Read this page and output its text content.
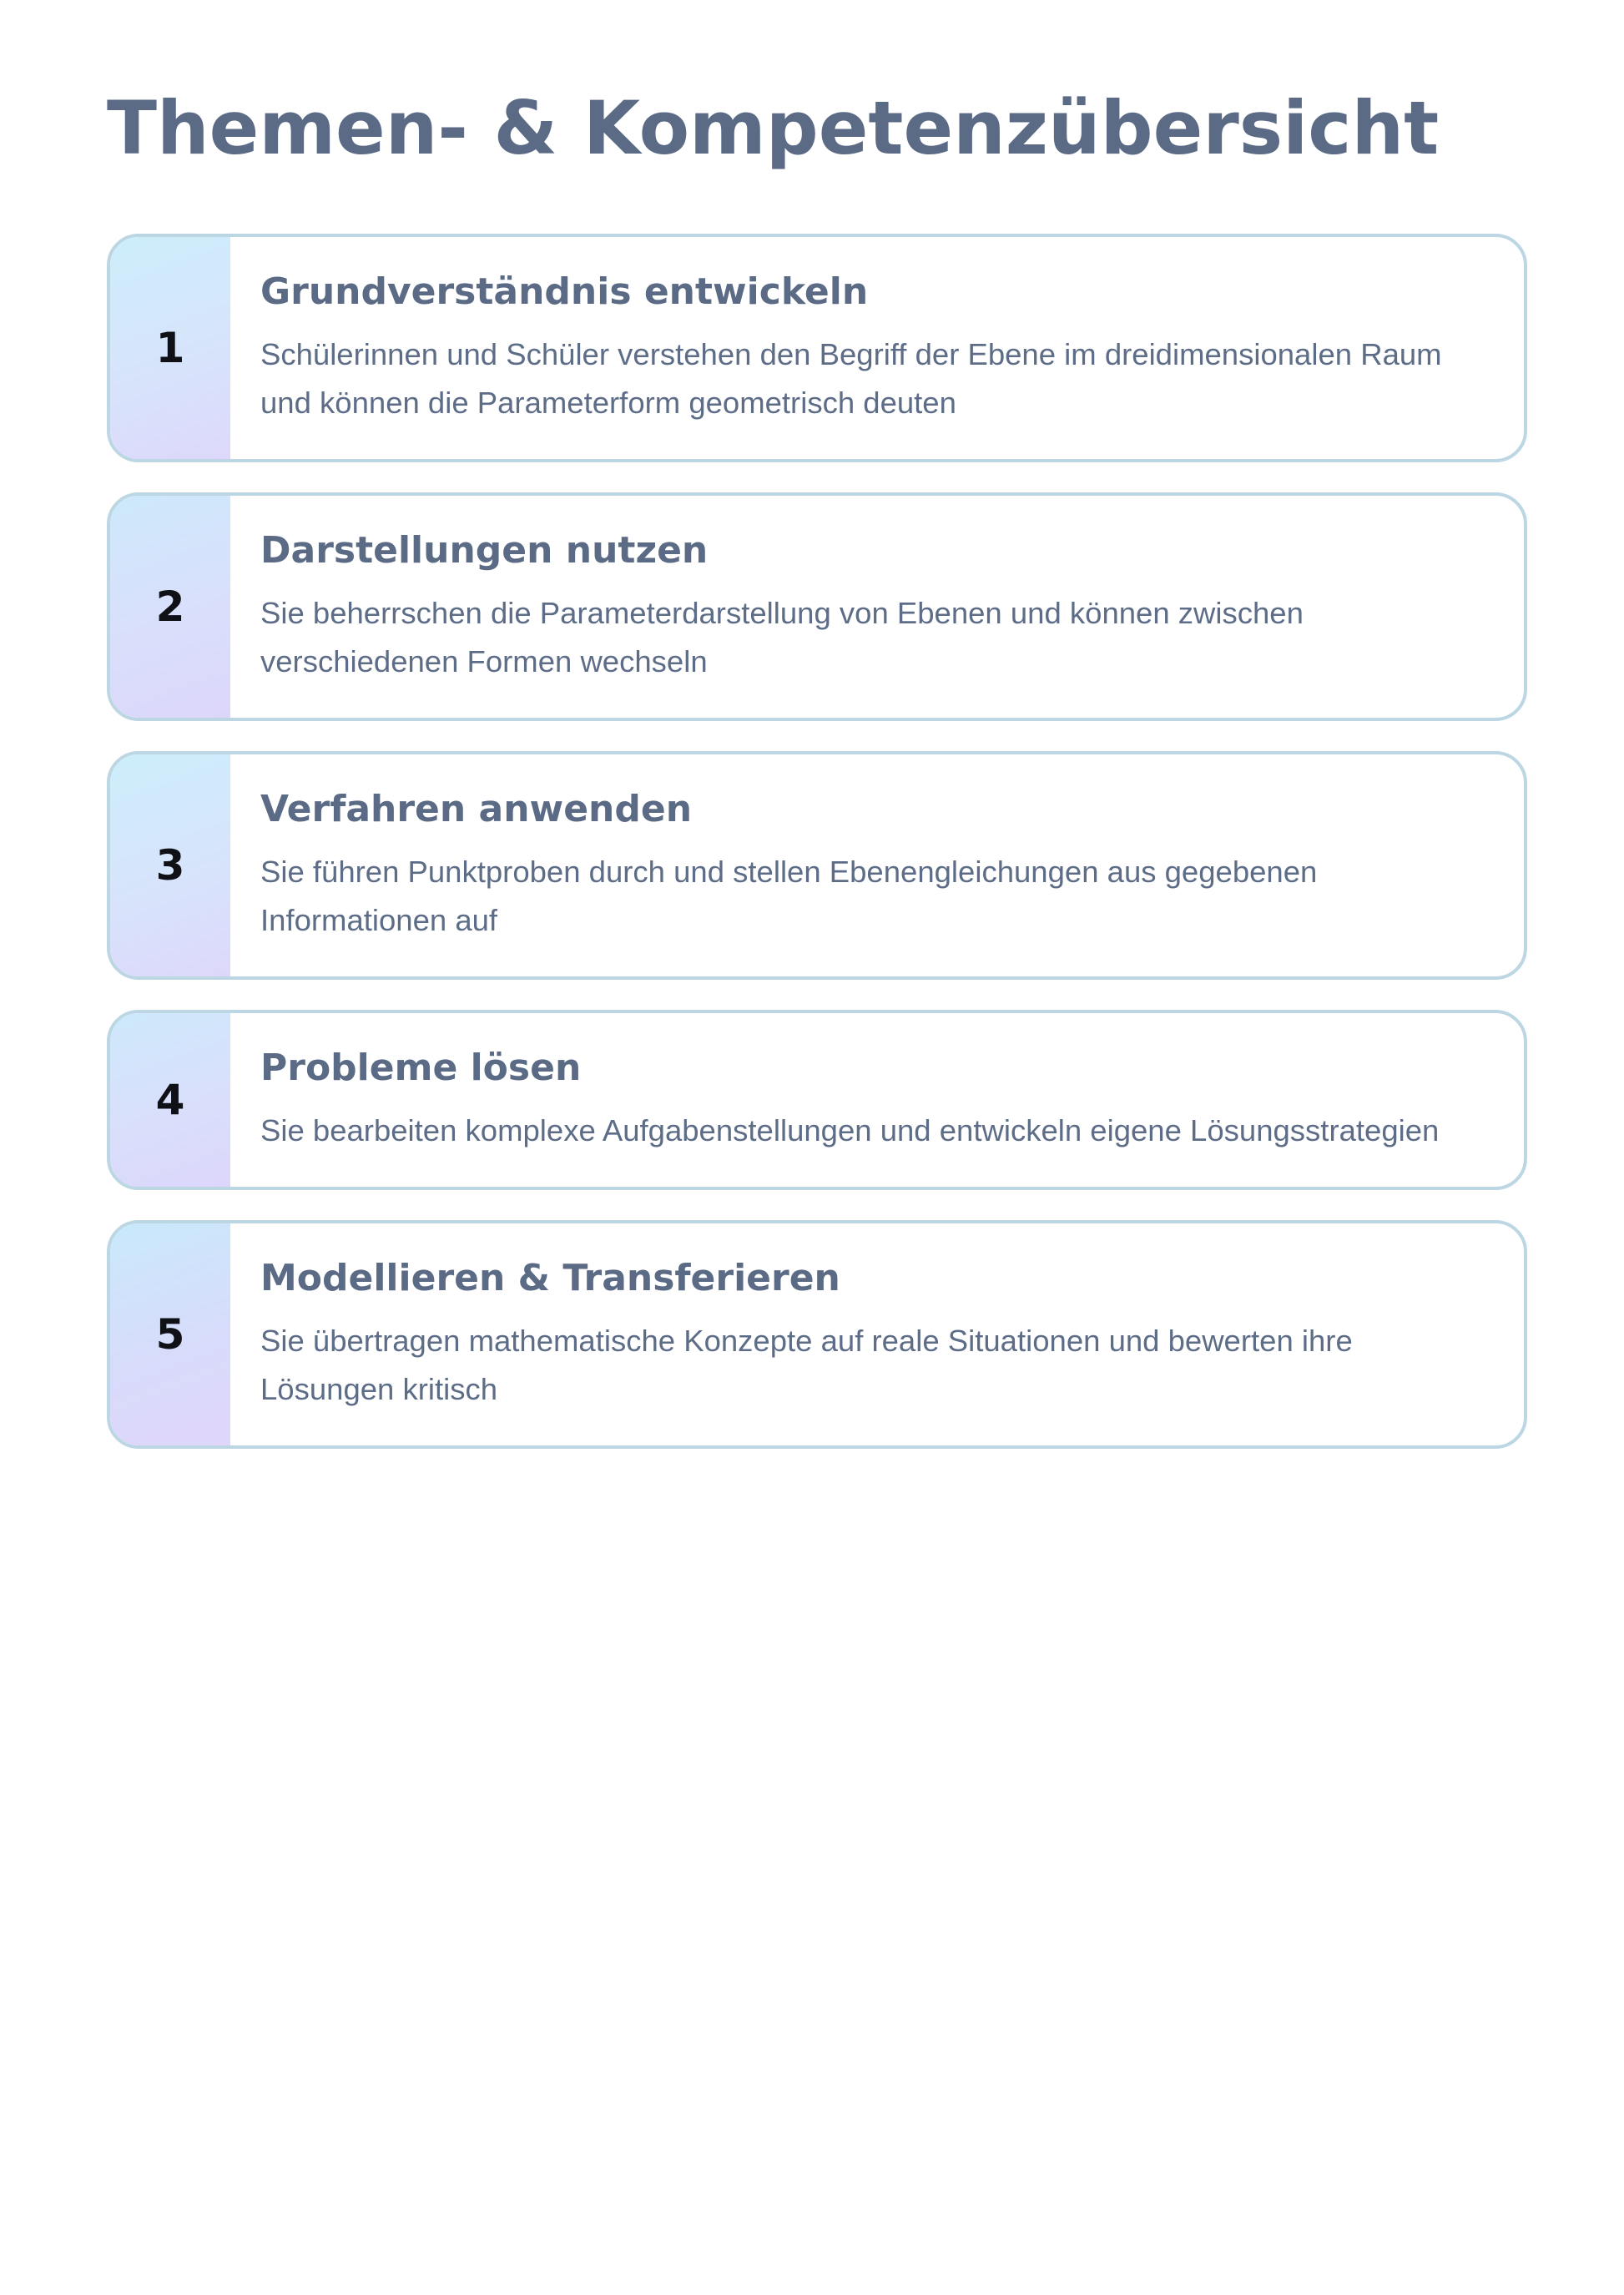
Themen- & Kompetenzübersicht
1
Grundverständnis entwickeln

Schülerinnen und Schüler verstehen den Begriff der Ebene im dreidimensionalen Raum und können die Parameterform geometrisch deuten

2
Darstellungen nutzen

Sie beherrschen die Parameterdarstellung von Ebenen und können zwischen verschiedenen Formen wechseln

3
Verfahren anwenden

Sie führen Punktproben durch und stellen Ebenengleichungen aus gegebenen Informationen auf

4
Probleme lösen

Sie bearbeiten komplexe Aufgabenstellungen und entwickeln eigene Lösungsstrategien

5
Modellieren & Transferieren

Sie übertragen mathematische Konzepte auf reale Situationen und bewerten ihre Lösungen kritisch
